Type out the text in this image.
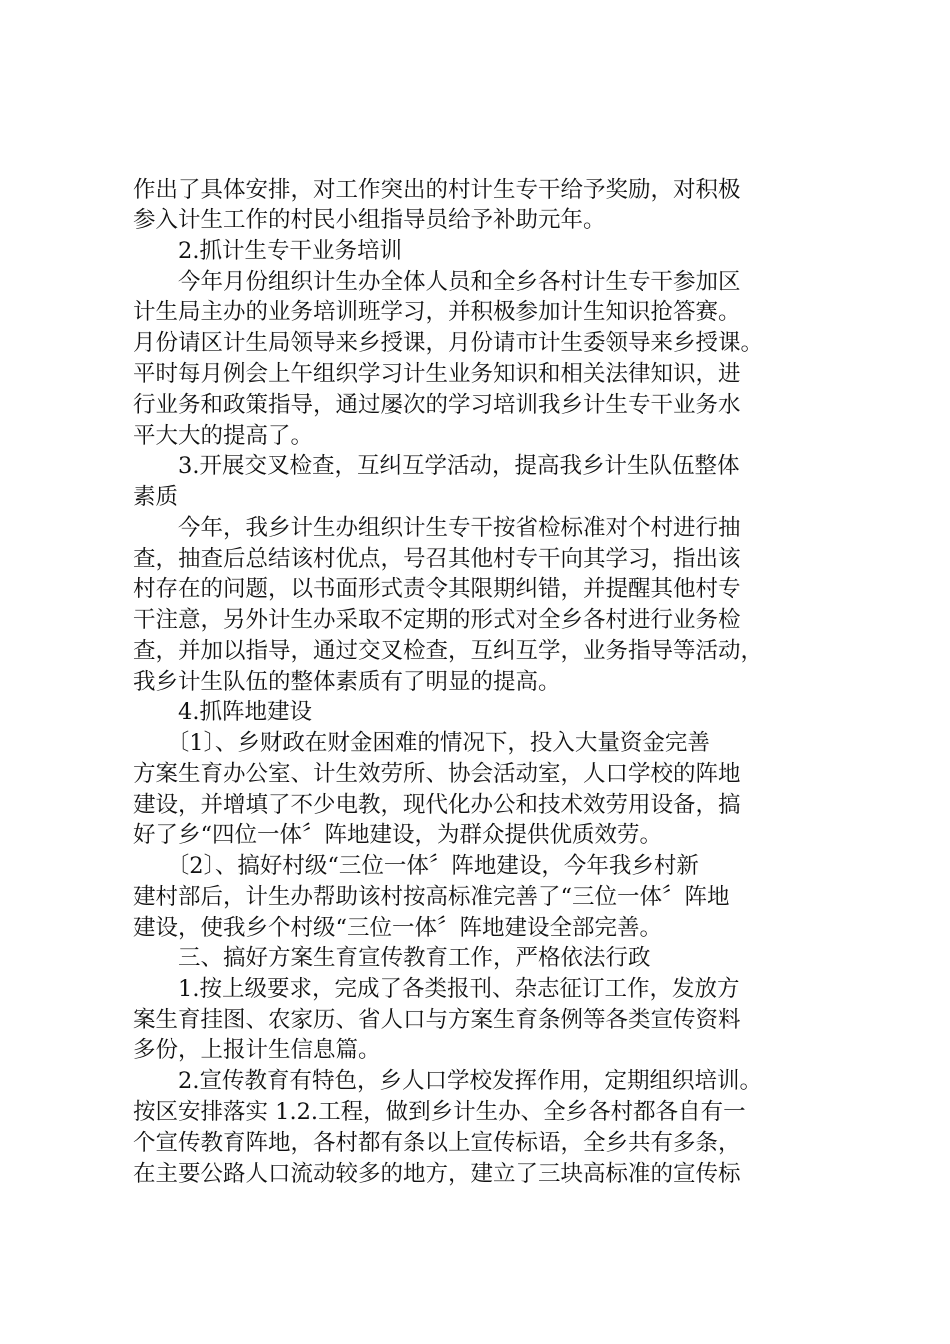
作出了具体安排，对工作突出的村计生专干给予奖励，对积极
参入计生工作的村民小组指导员给予补助元年。
　　2.抓计生专干业务培训
　　今年月份组织计生办全体人员和全乡各村计生专干参加区
计生局主办的业务培训班学习，并积极参加计生知识抢答赛。
月份请区计生局领导来乡授课，月份请市计生委领导来乡授课。
平时每月例会上午组织学习计生业务知识和相关法律知识，进
行业务和政策指导，通过屡次的学习培训我乡计生专干业务水
平大大的提高了。
　　3.开展交叉检查，互纠互学活动，提高我乡计生队伍整体
素质
　　今年，我乡计生办组织计生专干按省检标准对个村进行抽
查，抽查后总结该村优点，号召其他村专干向其学习，指出该
村存在的问题，以书面形式责令其限期纠错，并提醒其他村专
干注意，另外计生办采取不定期的形式对全乡各村进行业务检
查，并加以指导，通过交叉检查，互纠互学，业务指导等活动，
我乡计生队伍的整体素质有了明显的提高。
　　4.抓阵地建设
　　〔1〕、乡财政在财金困难的情况下，投入大量资金完善
方案生育办公室、计生效劳所、协会活动室，人口学校的阵地
建设，并增填了不少电教，现代化办公和技术效劳用设备，搞
好了乡“四位一体〞阵地建设，为群众提供优质效劳。
　　〔2〕、搞好村级“三位一体〞阵地建设，今年我乡村新
建村部后，计生办帮助该村按高标准完善了“三位一体〞阵地
建设，使我乡个村级“三位一体〞阵地建设全部完善。
　　三、搞好方案生育宣传教育工作，严格依法行政
　　1.按上级要求，完成了各类报刊、杂志征订工作，发放方
案生育挂图、农家历、省人口与方案生育条例等各类宣传资料
多份，上报计生信息篇。
　　2.宣传教育有特色，乡人口学校发挥作用，定期组织培训。
按区安排落实 1.2.工程，做到乡计生办、全乡各村都各自有一
个宣传教育阵地，各村都有条以上宣传标语，全乡共有多条，
在主要公路人口流动较多的地方，建立了三块高标准的宣传标
